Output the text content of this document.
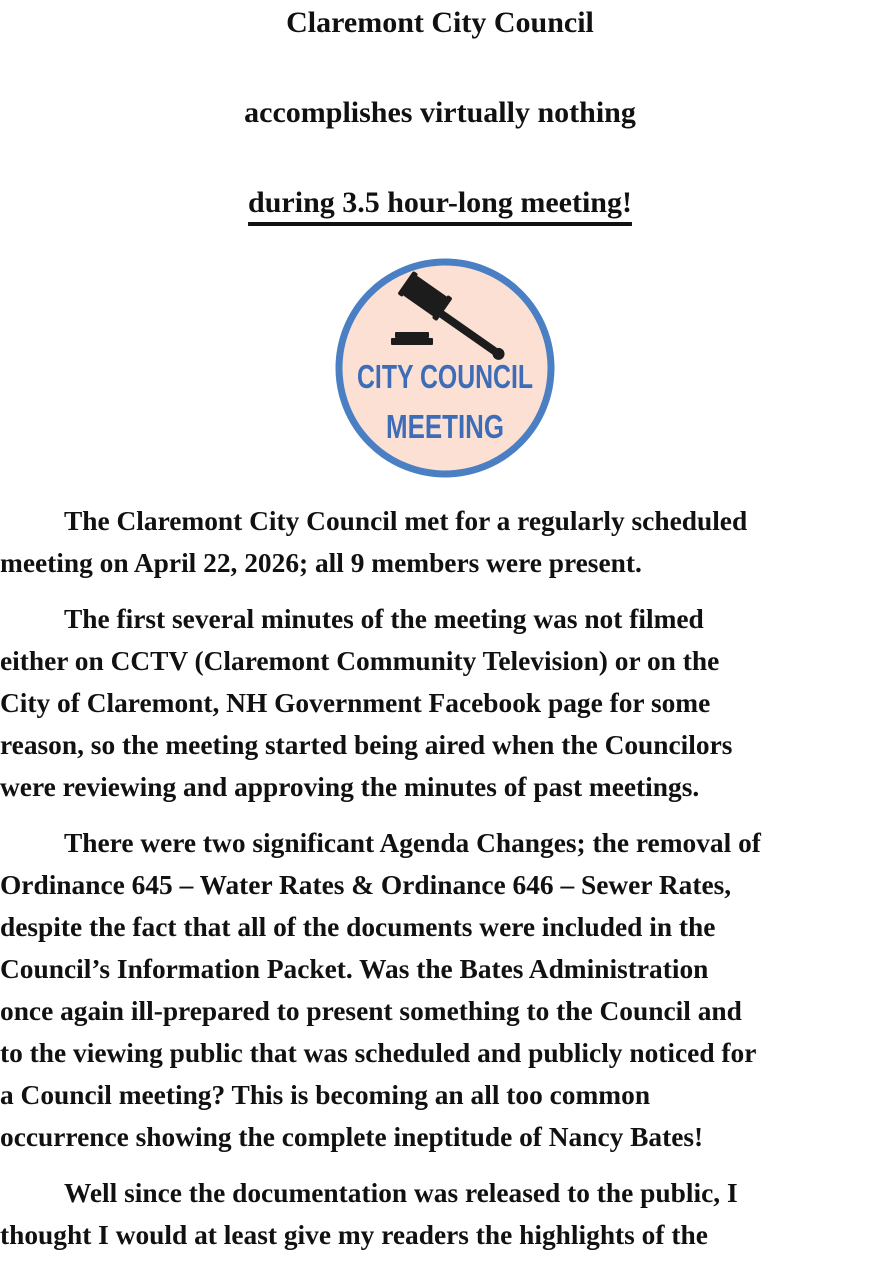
Claremont City Council
accomplishes virtually nothing
during 3.5 hour-long meeting!
CITY COUNCIL
MEETING

The Claremont City Council met for a regularly scheduled
meeting on April 22, 2026; all 9 members were present.

The first several minutes of the meeting was not filmed
either on CCTV (Claremont Community Television) or on the
City of Claremont, NH Government Facebook page for some
reason, so the meeting started being aired when the Councilors
were reviewing and approving the minutes of past meetings.

There were two significant Agenda Changes; the removal of
Ordinance 645 – Water Rates & Ordinance 646 – Sewer Rates,
despite the fact that all of the documents were included in the
Council’s Information Packet. Was the Bates Administration
once again ill-prepared to present something to the Council and
to the viewing public that was scheduled and publicly noticed for
a Council meeting? This is becoming an all too common
occurrence showing the complete ineptitude of Nancy Bates!

Well since the documentation was released to the public, I
thought I would at least give my readers the highlights of the
